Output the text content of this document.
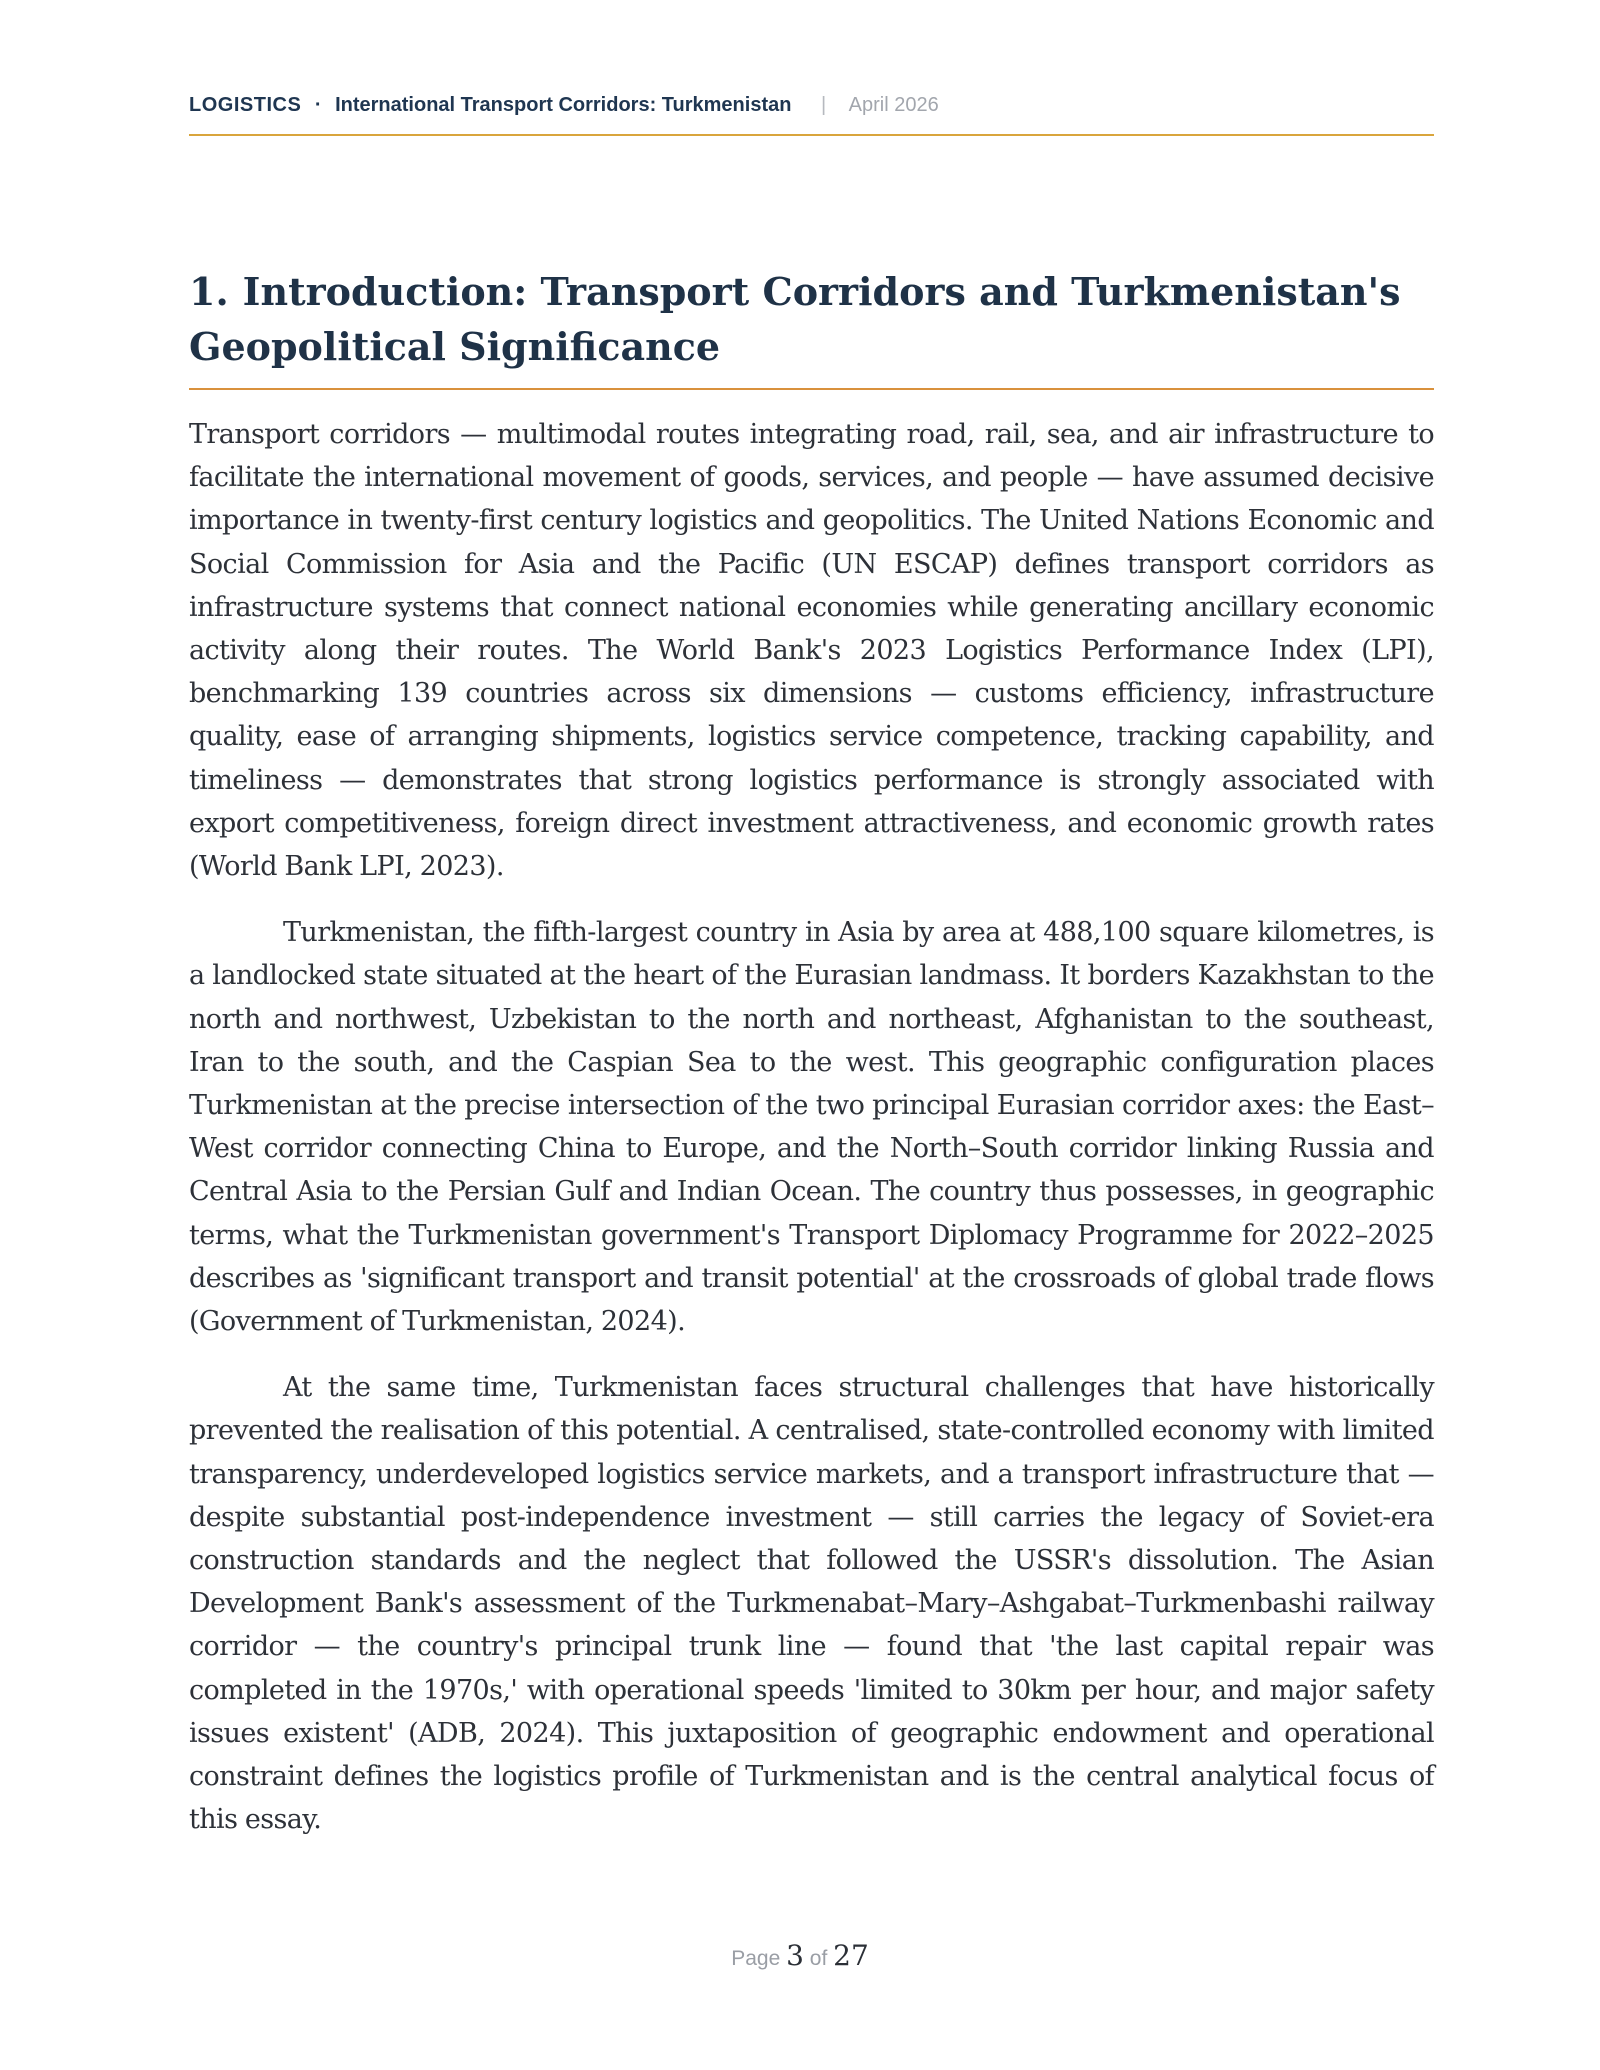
LOGISTICS · International Transport Corridors: Turkmenistan | April 2026
1. Introduction: Transport Corridors and Turkmenistan's Geopolitical Significance

Transport corridors — multimodal routes integrating road, rail, sea, and air infrastructure to facilitate the international movement of goods, services, and people — have assumed decisive importance in twenty-first century logistics and geopolitics. The United Nations Economic and Social Commission for Asia and the Pacific (UN ESCAP) defines transport corridors as infrastructure systems that connect national economies while generating ancillary economic activity along their routes. The World Bank's 2023 Logistics Performance Index (LPI), benchmarking 139 countries across six dimensions — customs efficiency, infrastructure quality, ease of arranging shipments, logistics service competence, tracking capability, and timeliness — demonstrates that strong logistics performance is strongly associated with export competitiveness, foreign direct investment attractiveness, and economic growth rates (World Bank LPI, 2023).

Turkmenistan, the fifth-largest country in Asia by area at 488,100 square kilometres, is a landlocked state situated at the heart of the Eurasian landmass. It borders Kazakhstan to the north and northwest, Uzbekistan to the north and northeast, Afghanistan to the southeast, Iran to the south, and the Caspian Sea to the west. This geographic configuration places Turkmenistan at the precise intersection of the two principal Eurasian corridor axes: the East–West corridor connecting China to Europe, and the North–South corridor linking Russia and Central Asia to the Persian Gulf and Indian Ocean. The country thus possesses, in geographic terms, what the Turkmenistan government's Transport Diplomacy Programme for 2022–2025 describes as 'significant transport and transit potential' at the crossroads of global trade flows (Government of Turkmenistan, 2024).

At the same time, Turkmenistan faces structural challenges that have historically prevented the realisation of this potential. A centralised, state-controlled economy with limited transparency, underdeveloped logistics service markets, and a transport infrastructure that — despite substantial post-independence investment — still carries the legacy of Soviet-era construction standards and the neglect that followed the USSR's dissolution. The Asian Development Bank's assessment of the Turkmenabat–Mary–Ashgabat–Turkmenbashi railway corridor — the country's principal trunk line — found that 'the last capital repair was completed in the 1970s,' with operational speeds 'limited to 30km per hour, and major safety issues existent' (ADB, 2024). This juxtaposition of geographic endowment and operational constraint defines the logistics profile of Turkmenistan and is the central analytical focus of this essay.

Page 3 of 27
